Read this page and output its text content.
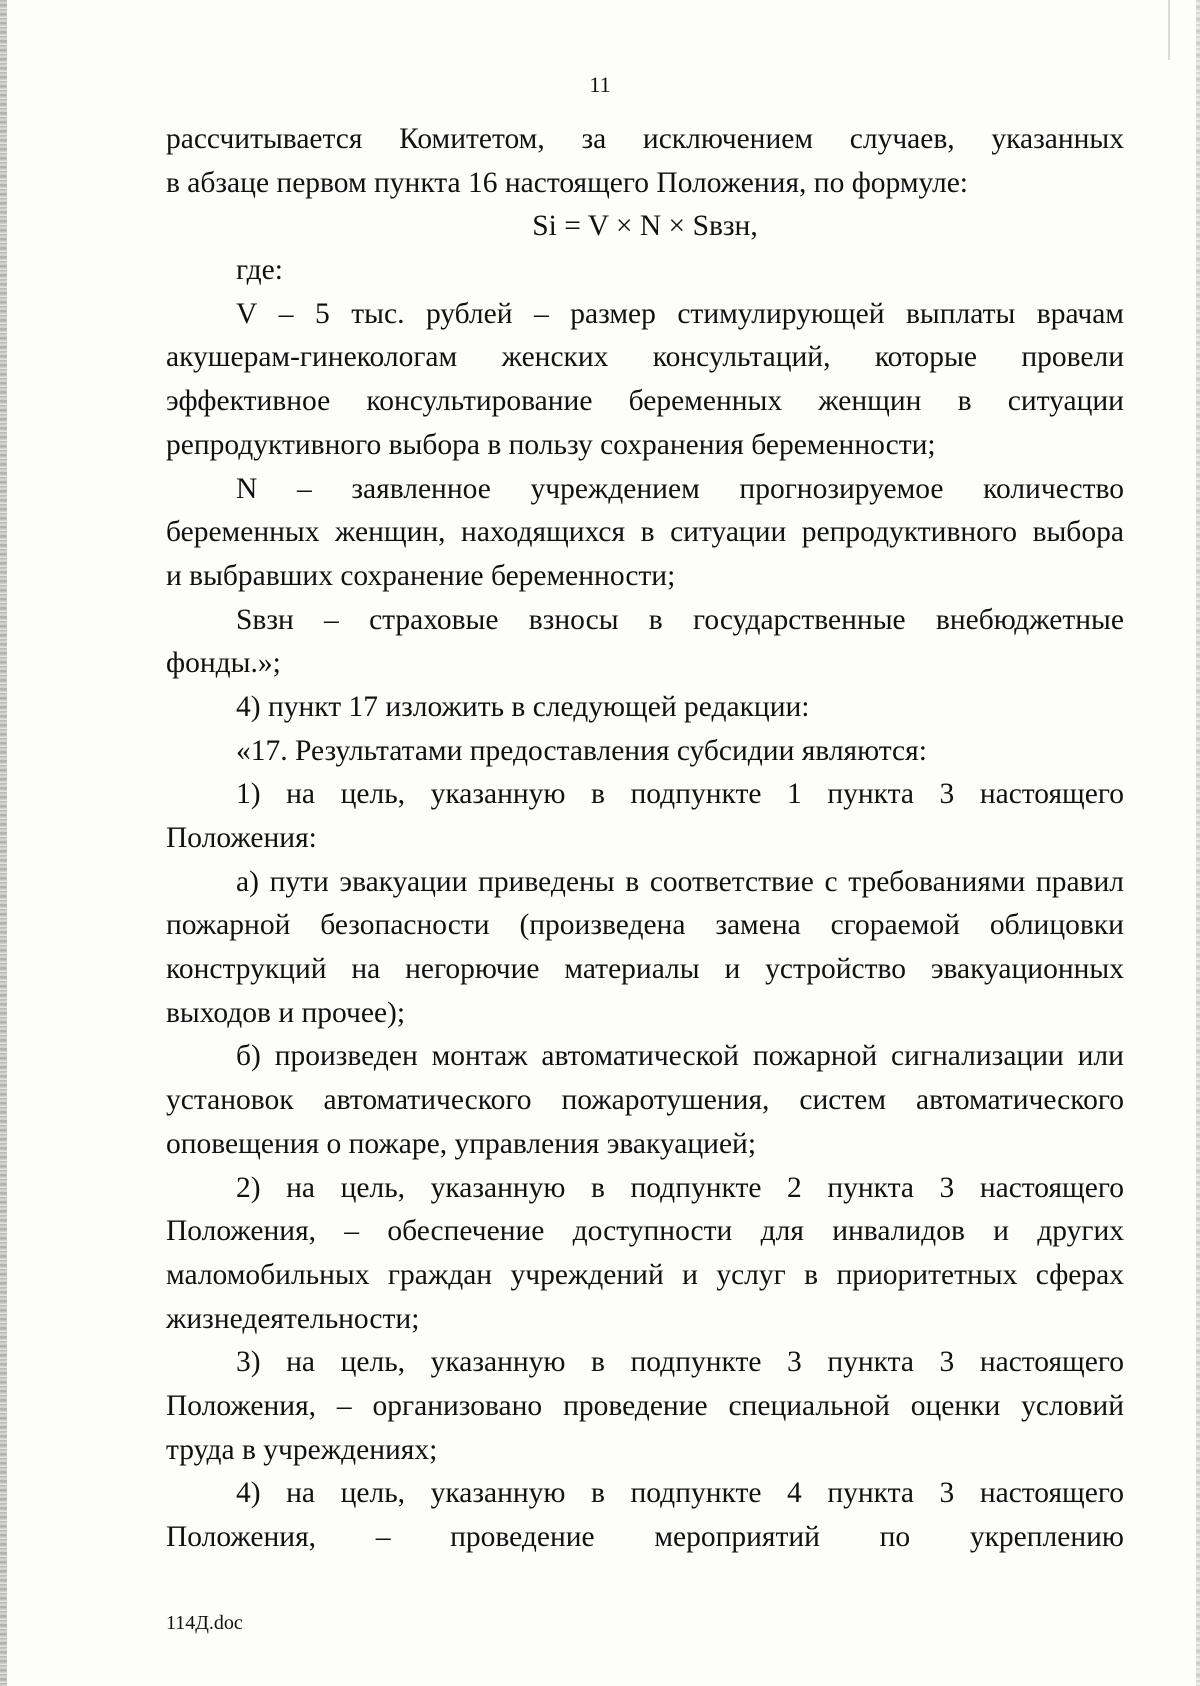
11
рассчитывается Комитетом, за исключением случаев, указанных
в абзаце первом пункта 16 настоящего Положения, по формуле:
Si = V × N × Sвзн,
где:
V – 5 тыс. рублей – размер стимулирующей выплаты врачам
акушерам-гинекологам женских консультаций, которые провели
эффективное консультирование беременных женщин в ситуации
репродуктивного выбора в пользу сохранения беременности;
N – заявленное учреждением прогнозируемое количество
беременных женщин, находящихся в ситуации репродуктивного выбора
и выбравших сохранение беременности;
Sвзн – страховые взносы в государственные внебюджетные
фонды.»;
4) пункт 17 изложить в следующей редакции:
«17. Результатами предоставления субсидии являются:
1) на цель, указанную в подпункте 1 пункта 3 настоящего
Положения:
а) пути эвакуации приведены в соответствие с требованиями правил
пожарной безопасности (произведена замена сгораемой облицовки
конструкций на негорючие материалы и устройство эвакуационных
выходов и прочее);
б) произведен монтаж автоматической пожарной сигнализации или
установок автоматического пожаротушения, систем автоматического
оповещения о пожаре, управления эвакуацией;
2) на цель, указанную в подпункте 2 пункта 3 настоящего
Положения, – обеспечение доступности для инвалидов и других
маломобильных граждан учреждений и услуг в приоритетных сферах
жизнедеятельности;
3) на цель, указанную в подпункте 3 пункта 3 настоящего
Положения, – организовано проведение специальной оценки условий
труда в учреждениях;
4) на цель, указанную в подпункте 4 пункта 3 настоящего
Положения, – проведение мероприятий по укреплению
114Д.doc
